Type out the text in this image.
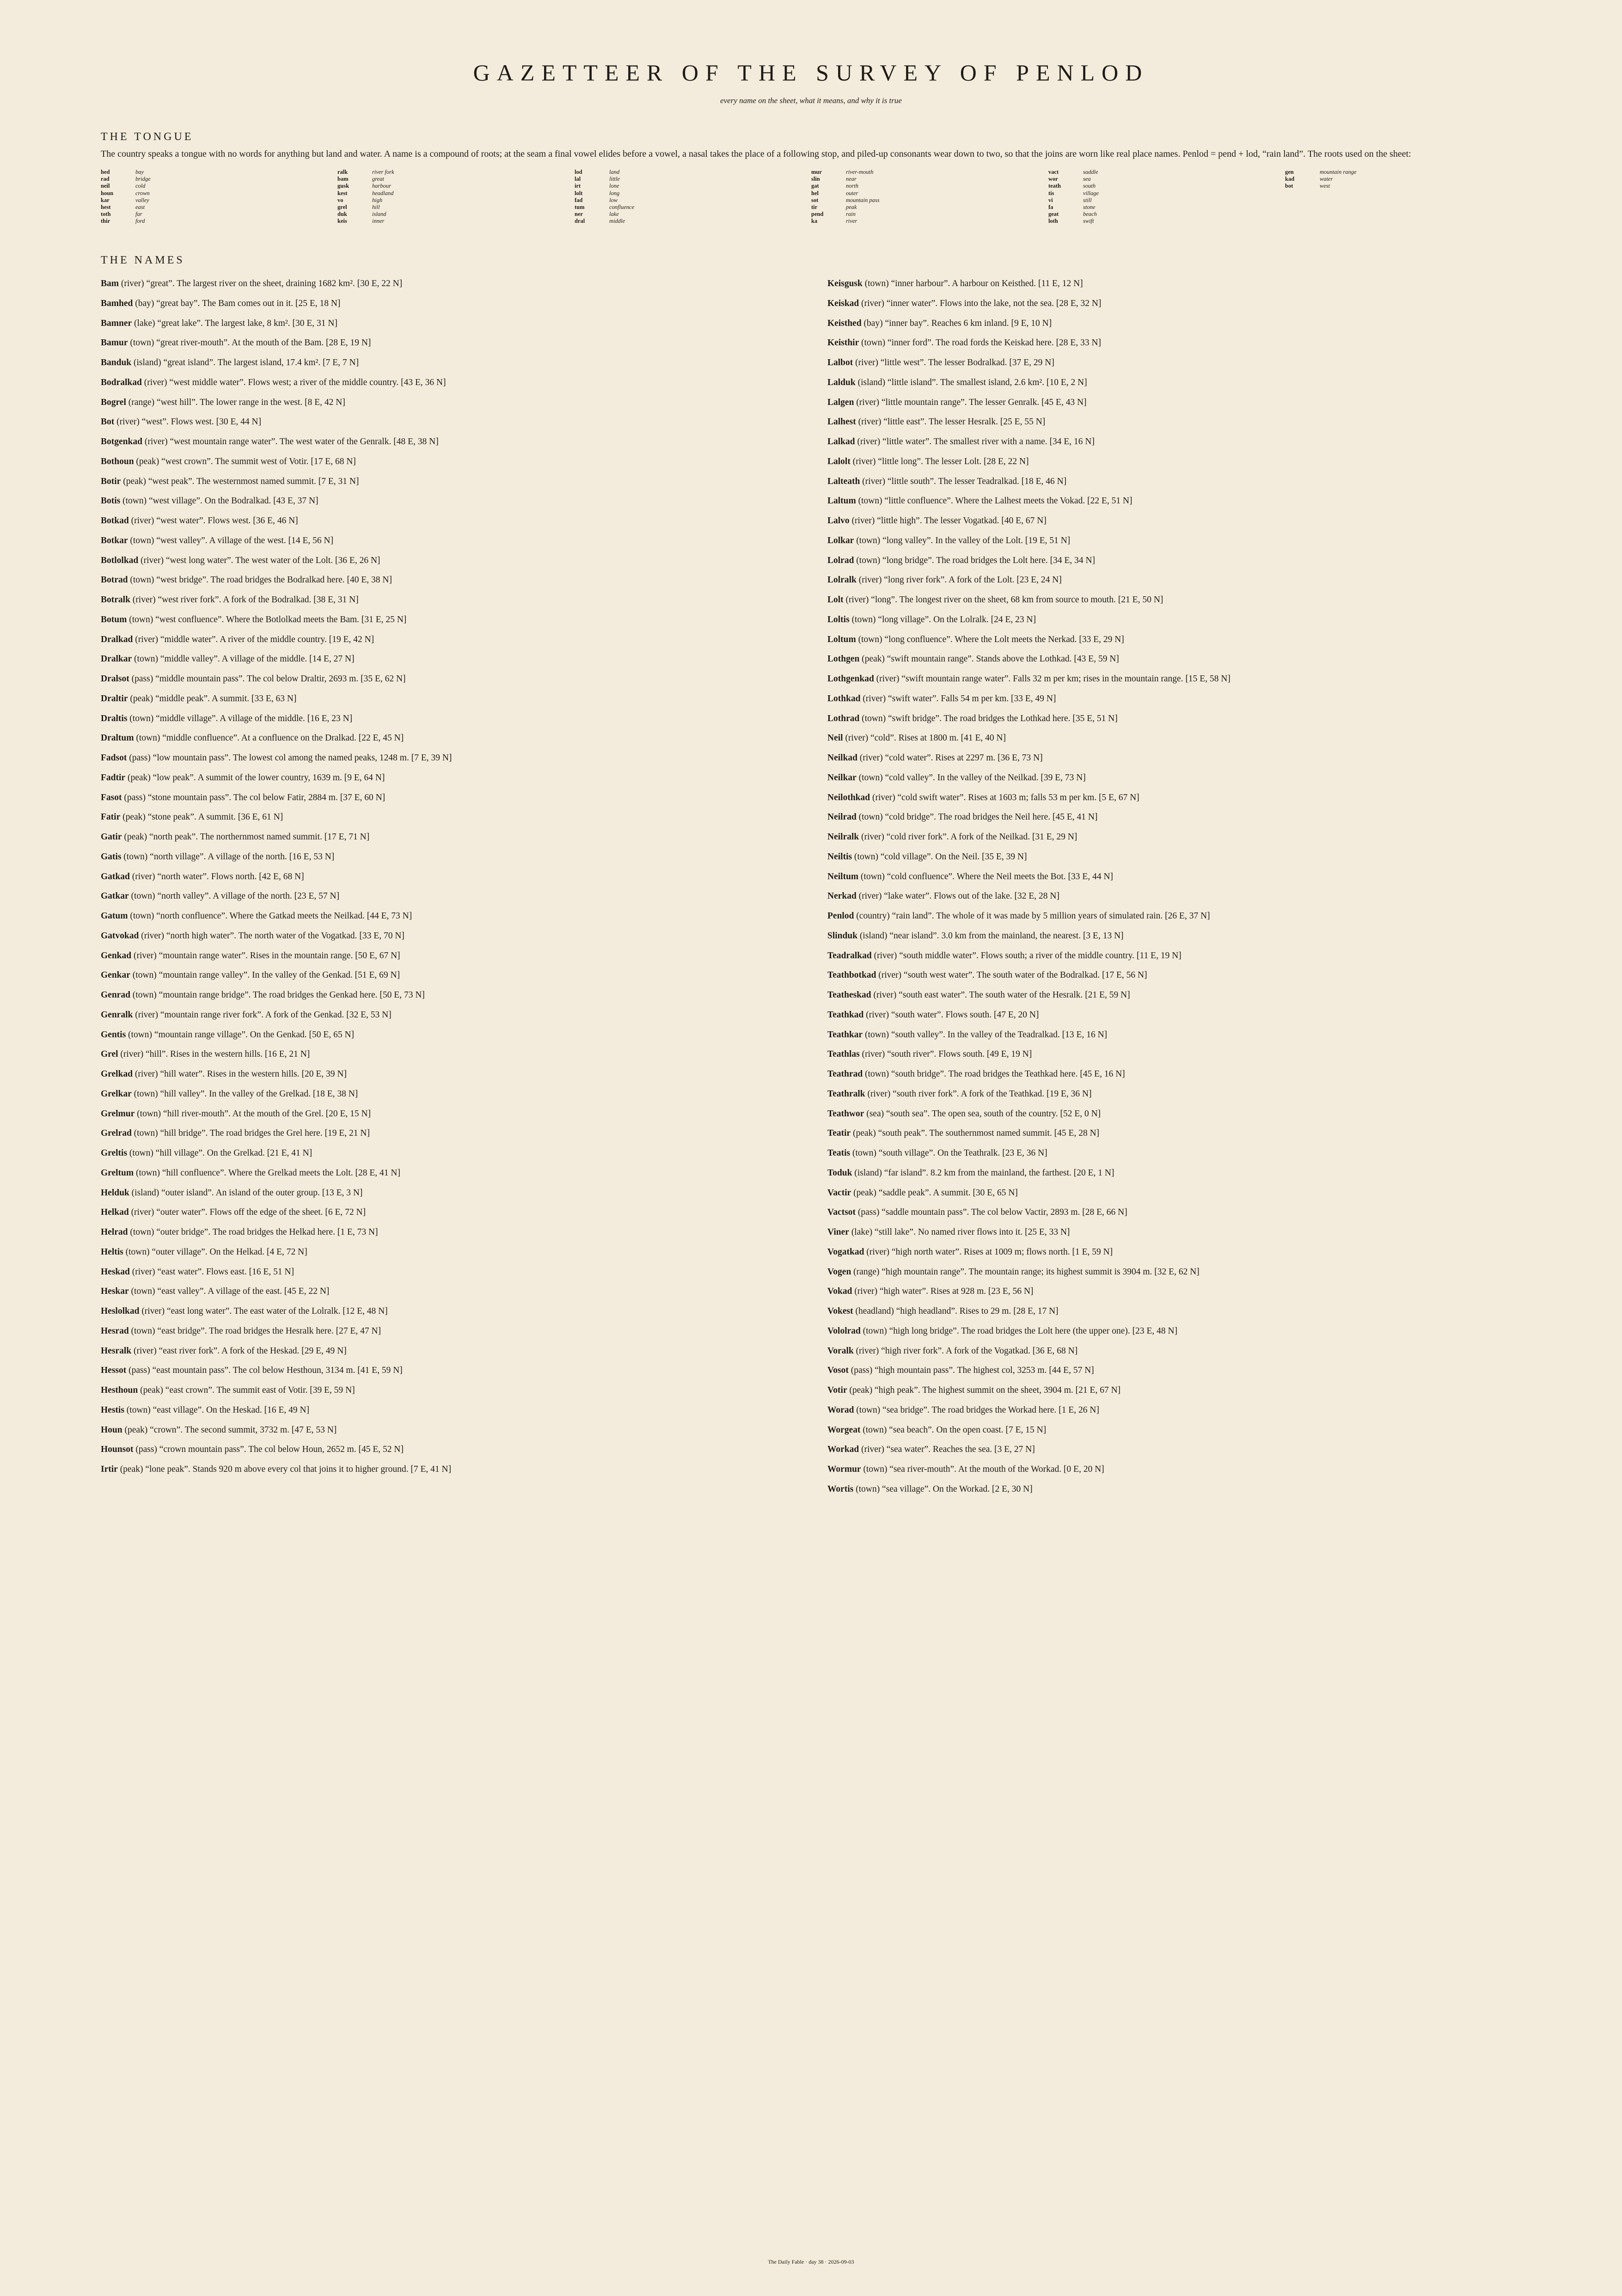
GAZETTEER OF THE SURVEY OF PENLOD
every name on the sheet, what it means, and why it is true
THE TONGUE
The country speaks a tongue with no words for anything but land and water. A name is a compound of roots; at the seam a final vowel elides before a vowel, a nasal takes the place of a following stop, and piled-up consonants wear down to two, so that the joins are worn like real place names. Penlod = pend + lod, “rain land”. The roots used on the sheet:
hed	bay
rad	bridge
neil	cold
houn	crown
kar	valley
hest	east
toth	far
thir	ford
ralk	river fork
bam	great
gusk	harbour
kest	headland
vo	high
grel	hill
duk	island
keis	inner
lod	land
lal	little
irt	lone
lolt	long
fad	low
tum	confluence
ner	lake
dral	middle
mur	river-mouth
slin	near
gat	north
hel	outer
sot	mountain pass
tir	peak
pend	rain
ka	river
vact	saddle
wor	sea
teath	south
tis	village
vi	still
fa	stone
geat	beach
loth	swift
gen	mountain range
kad	water
bot	west
THE NAMES
Bam (river) “great”. The largest river on the sheet, draining 1682 km². [30 E, 22 N]
Bamhed (bay) “great bay”. The Bam comes out in it. [25 E, 18 N]
Bamner (lake) “great lake”. The largest lake, 8 km². [30 E, 31 N]
Bamur (town) “great river-mouth”. At the mouth of the Bam. [28 E, 19 N]
Banduk (island) “great island”. The largest island, 17.4 km². [7 E, 7 N]
Bodralkad (river) “west middle water”. Flows west; a river of the middle country. [43 E, 36 N]
Bogrel (range) “west hill”. The lower range in the west. [8 E, 42 N]
Bot (river) “west”. Flows west. [30 E, 44 N]
Botgenkad (river) “west mountain range water”. The west water of the Genralk. [48 E, 38 N]
Bothoun (peak) “west crown”. The summit west of Votir. [17 E, 68 N]
Botir (peak) “west peak”. The westernmost named summit. [7 E, 31 N]
Botis (town) “west village”. On the Bodralkad. [43 E, 37 N]
Botkad (river) “west water”. Flows west. [36 E, 46 N]
Botkar (town) “west valley”. A village of the west. [14 E, 56 N]
Botlolkad (river) “west long water”. The west water of the Lolt. [36 E, 26 N]
Botrad (town) “west bridge”. The road bridges the Bodralkad here. [40 E, 38 N]
Botralk (river) “west river fork”. A fork of the Bodralkad. [38 E, 31 N]
Botum (town) “west confluence”. Where the Botlolkad meets the Bam. [31 E, 25 N]
Dralkad (river) “middle water”. A river of the middle country. [19 E, 42 N]
Dralkar (town) “middle valley”. A village of the middle. [14 E, 27 N]
Dralsot (pass) “middle mountain pass”. The col below Draltir, 2693 m. [35 E, 62 N]
Draltir (peak) “middle peak”. A summit. [33 E, 63 N]
Draltis (town) “middle village”. A village of the middle. [16 E, 23 N]
Draltum (town) “middle confluence”. At a confluence on the Dralkad. [22 E, 45 N]
Fadsot (pass) “low mountain pass”. The lowest col among the named peaks, 1248 m. [7 E, 39 N]
Fadtir (peak) “low peak”. A summit of the lower country, 1639 m. [9 E, 64 N]
Fasot (pass) “stone mountain pass”. The col below Fatir, 2884 m. [37 E, 60 N]
Fatir (peak) “stone peak”. A summit. [36 E, 61 N]
Gatir (peak) “north peak”. The northernmost named summit. [17 E, 71 N]
Gatis (town) “north village”. A village of the north. [16 E, 53 N]
Gatkad (river) “north water”. Flows north. [42 E, 68 N]
Gatkar (town) “north valley”. A village of the north. [23 E, 57 N]
Gatum (town) “north confluence”. Where the Gatkad meets the Neilkad. [44 E, 73 N]
Gatvokad (river) “north high water”. The north water of the Vogatkad. [33 E, 70 N]
Genkad (river) “mountain range water”. Rises in the mountain range. [50 E, 67 N]
Genkar (town) “mountain range valley”. In the valley of the Genkad. [51 E, 69 N]
Genrad (town) “mountain range bridge”. The road bridges the Genkad here. [50 E, 73 N]
Genralk (river) “mountain range river fork”. A fork of the Genkad. [32 E, 53 N]
Gentis (town) “mountain range village”. On the Genkad. [50 E, 65 N]
Grel (river) “hill”. Rises in the western hills. [16 E, 21 N]
Grelkad (river) “hill water”. Rises in the western hills. [20 E, 39 N]
Grelkar (town) “hill valley”. In the valley of the Grelkad. [18 E, 38 N]
Grelmur (town) “hill river-mouth”. At the mouth of the Grel. [20 E, 15 N]
Grelrad (town) “hill bridge”. The road bridges the Grel here. [19 E, 21 N]
Greltis (town) “hill village”. On the Grelkad. [21 E, 41 N]
Greltum (town) “hill confluence”. Where the Grelkad meets the Lolt. [28 E, 41 N]
Helduk (island) “outer island”. An island of the outer group. [13 E, 3 N]
Helkad (river) “outer water”. Flows off the edge of the sheet. [6 E, 72 N]
Helrad (town) “outer bridge”. The road bridges the Helkad here. [1 E, 73 N]
Heltis (town) “outer village”. On the Helkad. [4 E, 72 N]
Heskad (river) “east water”. Flows east. [16 E, 51 N]
Heskar (town) “east valley”. A village of the east. [45 E, 22 N]
Heslolkad (river) “east long water”. The east water of the Lolralk. [12 E, 48 N]
Hesrad (town) “east bridge”. The road bridges the Hesralk here. [27 E, 47 N]
Hesralk (river) “east river fork”. A fork of the Heskad. [29 E, 49 N]
Hessot (pass) “east mountain pass”. The col below Hesthoun, 3134 m. [41 E, 59 N]
Hesthoun (peak) “east crown”. The summit east of Votir. [39 E, 59 N]
Hestis (town) “east village”. On the Heskad. [16 E, 49 N]
Houn (peak) “crown”. The second summit, 3732 m. [47 E, 53 N]
Hounsot (pass) “crown mountain pass”. The col below Houn, 2652 m. [45 E, 52 N]
Irtir (peak) “lone peak”. Stands 920 m above every col that joins it to higher ground. [7 E, 41 N]
Keisgusk (town) “inner harbour”. A harbour on Keisthed. [11 E, 12 N]
Keiskad (river) “inner water”. Flows into the lake, not the sea. [28 E, 32 N]
Keisthed (bay) “inner bay”. Reaches 6 km inland. [9 E, 10 N]
Keisthir (town) “inner ford”. The road fords the Keiskad here. [28 E, 33 N]
Lalbot (river) “little west”. The lesser Bodralkad. [37 E, 29 N]
Lalduk (island) “little island”. The smallest island, 2.6 km². [10 E, 2 N]
Lalgen (river) “little mountain range”. The lesser Genralk. [45 E, 43 N]
Lalhest (river) “little east”. The lesser Hesralk. [25 E, 55 N]
Lalkad (river) “little water”. The smallest river with a name. [34 E, 16 N]
Lalolt (river) “little long”. The lesser Lolt. [28 E, 22 N]
Lalteath (river) “little south”. The lesser Teadralkad. [18 E, 46 N]
Laltum (town) “little confluence”. Where the Lalhest meets the Vokad. [22 E, 51 N]
Lalvo (river) “little high”. The lesser Vogatkad. [40 E, 67 N]
Lolkar (town) “long valley”. In the valley of the Lolt. [19 E, 51 N]
Lolrad (town) “long bridge”. The road bridges the Lolt here. [34 E, 34 N]
Lolralk (river) “long river fork”. A fork of the Lolt. [23 E, 24 N]
Lolt (river) “long”. The longest river on the sheet, 68 km from source to mouth. [21 E, 50 N]
Loltis (town) “long village”. On the Lolralk. [24 E, 23 N]
Loltum (town) “long confluence”. Where the Lolt meets the Nerkad. [33 E, 29 N]
Lothgen (peak) “swift mountain range”. Stands above the Lothkad. [43 E, 59 N]
Lothgenkad (river) “swift mountain range water”. Falls 32 m per km; rises in the mountain range. [15 E, 58 N]
Lothkad (river) “swift water”. Falls 54 m per km. [33 E, 49 N]
Lothrad (town) “swift bridge”. The road bridges the Lothkad here. [35 E, 51 N]
Neil (river) “cold”. Rises at 1800 m. [41 E, 40 N]
Neilkad (river) “cold water”. Rises at 2297 m. [36 E, 73 N]
Neilkar (town) “cold valley”. In the valley of the Neilkad. [39 E, 73 N]
Neilothkad (river) “cold swift water”. Rises at 1603 m; falls 53 m per km. [5 E, 67 N]
Neilrad (town) “cold bridge”. The road bridges the Neil here. [45 E, 41 N]
Neilralk (river) “cold river fork”. A fork of the Neilkad. [31 E, 29 N]
Neiltis (town) “cold village”. On the Neil. [35 E, 39 N]
Neiltum (town) “cold confluence”. Where the Neil meets the Bot. [33 E, 44 N]
Nerkad (river) “lake water”. Flows out of the lake. [32 E, 28 N]
Penlod (country) “rain land”. The whole of it was made by 5 million years of simulated rain. [26 E, 37 N]
Slinduk (island) “near island”. 3.0 km from the mainland, the nearest. [3 E, 13 N]
Teadralkad (river) “south middle water”. Flows south; a river of the middle country. [11 E, 19 N]
Teathbotkad (river) “south west water”. The south water of the Bodralkad. [17 E, 56 N]
Teatheskad (river) “south east water”. The south water of the Hesralk. [21 E, 59 N]
Teathkad (river) “south water”. Flows south. [47 E, 20 N]
Teathkar (town) “south valley”. In the valley of the Teadralkad. [13 E, 16 N]
Teathlas (river) “south river”. Flows south. [49 E, 19 N]
Teathrad (town) “south bridge”. The road bridges the Teathkad here. [45 E, 16 N]
Teathralk (river) “south river fork”. A fork of the Teathkad. [19 E, 36 N]
Teathwor (sea) “south sea”. The open sea, south of the country. [52 E, 0 N]
Teatir (peak) “south peak”. The southernmost named summit. [45 E, 28 N]
Teatis (town) “south village”. On the Teathralk. [23 E, 36 N]
Toduk (island) “far island”. 8.2 km from the mainland, the farthest. [20 E, 1 N]
Vactir (peak) “saddle peak”. A summit. [30 E, 65 N]
Vactsot (pass) “saddle mountain pass”. The col below Vactir, 2893 m. [28 E, 66 N]
Viner (lake) “still lake”. No named river flows into it. [25 E, 33 N]
Vogatkad (river) “high north water”. Rises at 1009 m; flows north. [1 E, 59 N]
Vogen (range) “high mountain range”. The mountain range; its highest summit is 3904 m. [32 E, 62 N]
Vokad (river) “high water”. Rises at 928 m. [23 E, 56 N]
Vokest (headland) “high headland”. Rises to 29 m. [28 E, 17 N]
Vololrad (town) “high long bridge”. The road bridges the Lolt here (the upper one). [23 E, 48 N]
Voralk (river) “high river fork”. A fork of the Vogatkad. [36 E, 68 N]
Vosot (pass) “high mountain pass”. The highest col, 3253 m. [44 E, 57 N]
Votir (peak) “high peak”. The highest summit on the sheet, 3904 m. [21 E, 67 N]
Worad (town) “sea bridge”. The road bridges the Workad here. [1 E, 26 N]
Worgeat (town) “sea beach”. On the open coast. [7 E, 15 N]
Workad (river) “sea water”. Reaches the sea. [3 E, 27 N]
Wormur (town) “sea river-mouth”. At the mouth of the Workad. [0 E, 20 N]
Wortis (town) “sea village”. On the Workad. [2 E, 30 N]
The Daily Fable · day 38 · 2026-09-03
